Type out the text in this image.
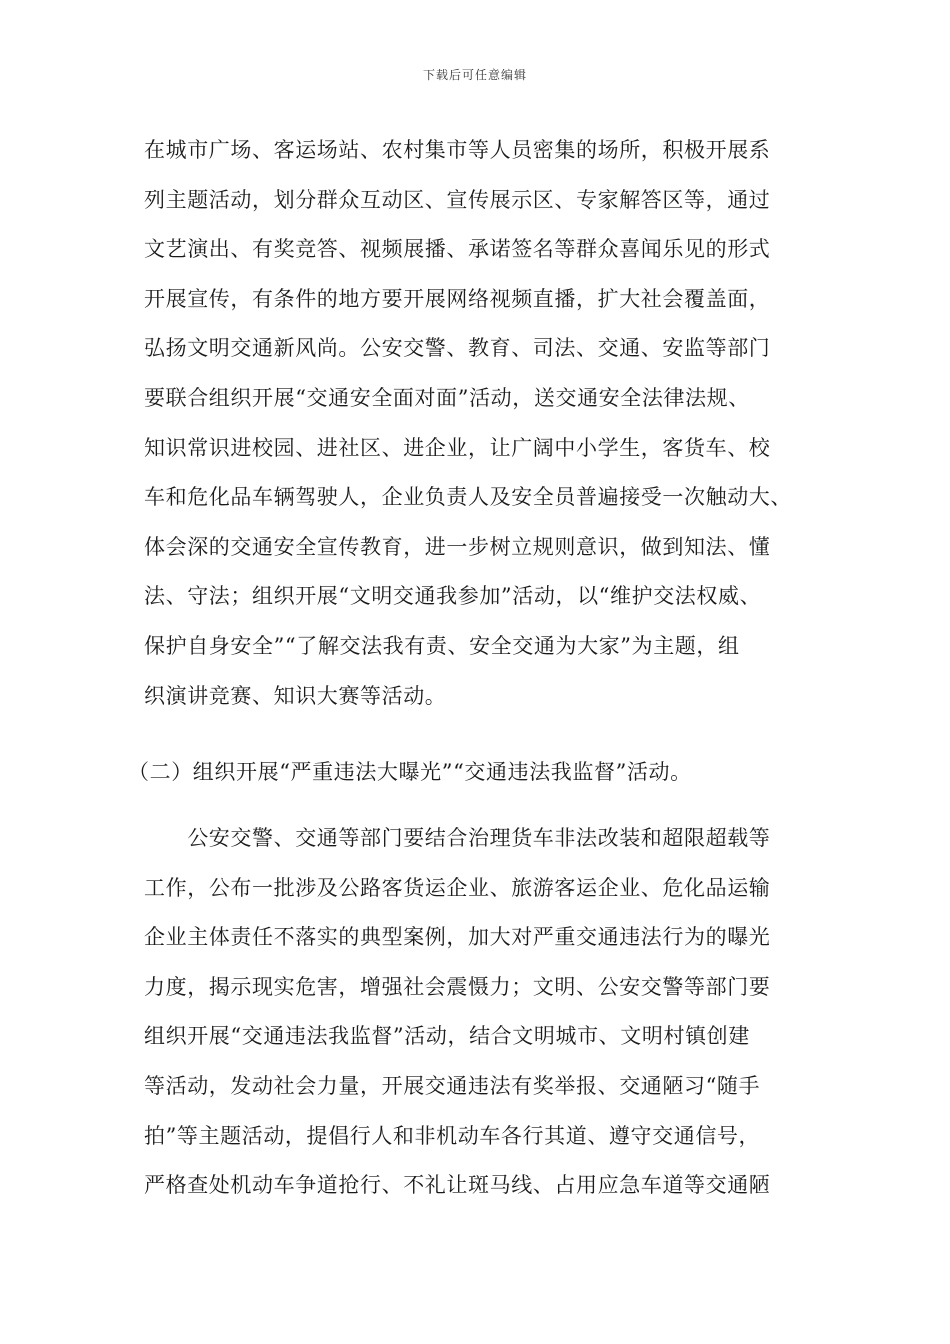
下载后可任意编辑
在城市广场、客运场站、农村集市等人员密集的场所，积极开展系
列主题活动，划分群众互动区、宣传展示区、专家解答区等，通过
文艺演出、有奖竞答、视频展播、承诺签名等群众喜闻乐见的形式
开展宣传，有条件的地方要开展网络视频直播，扩大社会覆盖面，
弘扬文明交通新风尚。公安交警、教育、司法、交通、安监等部门
要联合组织开展“交通安全面对面”活动，送交通安全法律法规、
知识常识进校园、进社区、进企业，让广阔中小学生，客货车、校
车和危化品车辆驾驶人，企业负责人及安全员普遍接受一次触动大、
体会深的交通安全宣传教育，进一步树立规则意识，做到知法、懂
法、守法；组织开展“文明交通我参加”活动，以“维护交法权威、
保护自身安全”“了解交法我有责、安全交通为大家”为主题，组
织演讲竞赛、知识大赛等活动。
（二）组织开展“严重违法大曝光”“交通违法我监督”活动。
　　公安交警、交通等部门要结合治理货车非法改装和超限超载等
工作，公布一批涉及公路客货运企业、旅游客运企业、危化品运输
企业主体责任不落实的典型案例，加大对严重交通违法行为的曝光
力度，揭示现实危害，增强社会震慑力；文明、公安交警等部门要
组织开展“交通违法我监督”活动，结合文明城市、文明村镇创建
等活动，发动社会力量，开展交通违法有奖举报、交通陋习“随手
拍”等主题活动，提倡行人和非机动车各行其道、遵守交通信号，
严格查处机动车争道抢行、不礼让斑马线、占用应急车道等交通陋
